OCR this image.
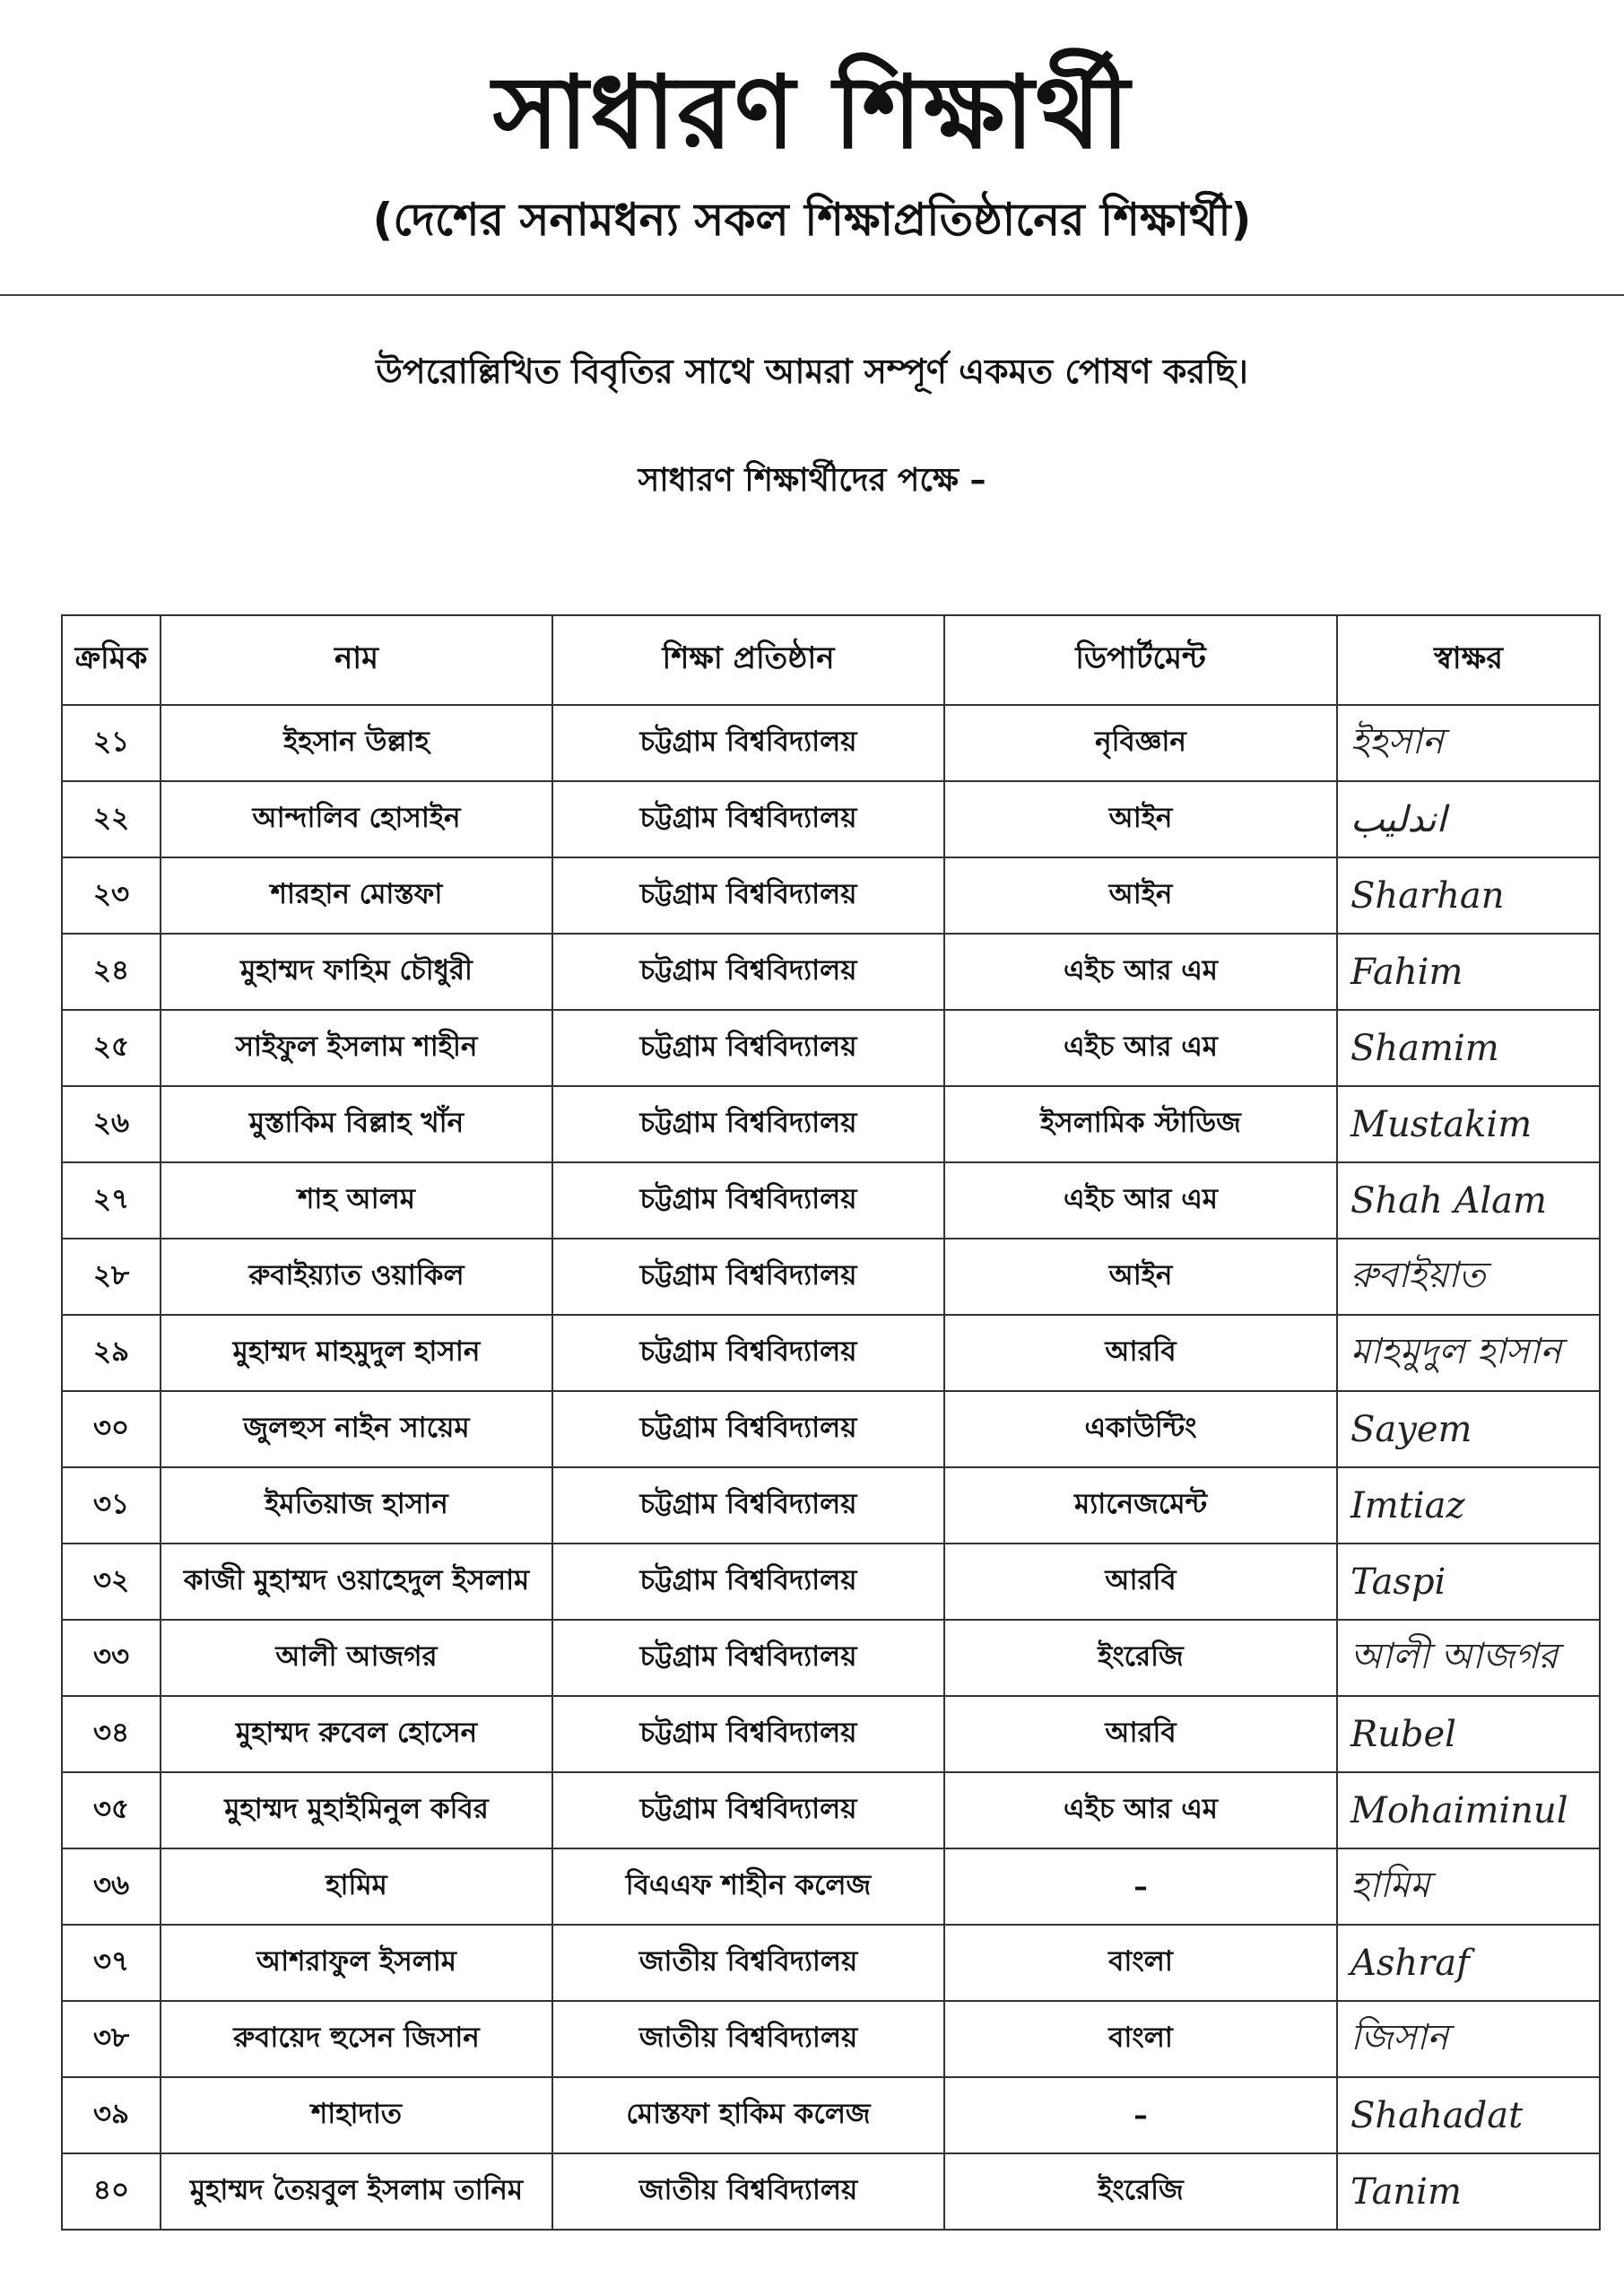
সাধারণ শিক্ষার্থী
(দেশের সনামধন্য সকল শিক্ষাপ্রতিষ্ঠানের শিক্ষার্থী)
উপরোল্লিখিত বিবৃতির সাথে আমরা সম্পূর্ণ একমত পোষণ করছি।
সাধারণ শিক্ষার্থীদের পক্ষে –
ক্রমিক	নাম	শিক্ষা প্রতিষ্ঠান	ডিপার্টমেন্ট	স্বাক্ষর
২১	ইহসান উল্লাহ	চট্টগ্রাম বিশ্ববিদ্যালয়	নৃবিজ্ঞান	ইহসান
২২	আন্দালিব হোসাইন	চট্টগ্রাম বিশ্ববিদ্যালয়	আইন	اندليب
২৩	শারহান মোস্তফা	চট্টগ্রাম বিশ্ববিদ্যালয়	আইন	Sharhan
২৪	মুহাম্মদ ফাহিম চৌধুরী	চট্টগ্রাম বিশ্ববিদ্যালয়	এইচ আর এম	Fahim
২৫	সাইফুল ইসলাম শাহীন	চট্টগ্রাম বিশ্ববিদ্যালয়	এইচ আর এম	Shamim
২৬	মুস্তাকিম বিল্লাহ খাঁন	চট্টগ্রাম বিশ্ববিদ্যালয়	ইসলামিক স্টাডিজ	Mustakim
২৭	শাহ আলম	চট্টগ্রাম বিশ্ববিদ্যালয়	এইচ আর এম	Shah Alam
২৮	রুবাইয়্যাত ওয়াকিল	চট্টগ্রাম বিশ্ববিদ্যালয়	আইন	রুবাইয়াত
২৯	মুহাম্মদ মাহমুদুল হাসান	চট্টগ্রাম বিশ্ববিদ্যালয়	আরবি	মাহমুদুল হাসান
৩০	জুলহুস নাইন সায়েম	চট্টগ্রাম বিশ্ববিদ্যালয়	একাউন্টিং	Sayem
৩১	ইমতিয়াজ হাসান	চট্টগ্রাম বিশ্ববিদ্যালয়	ম্যানেজমেন্ট	Imtiaz
৩২	কাজী মুহাম্মদ ওয়াহেদুল ইসলাম	চট্টগ্রাম বিশ্ববিদ্যালয়	আরবি	Taspi
৩৩	আলী আজগর	চট্টগ্রাম বিশ্ববিদ্যালয়	ইংরেজি	আলী আজগর
৩৪	মুহাম্মদ রুবেল হোসেন	চট্টগ্রাম বিশ্ববিদ্যালয়	আরবি	Rubel
৩৫	মুহাম্মদ মুহাইমিনুল কবির	চট্টগ্রাম বিশ্ববিদ্যালয়	এইচ আর এম	Mohaiminul
৩৬	হামিম	বিএএফ শাহীন কলেজ	–	হামিম
৩৭	আশরাফুল ইসলাম	জাতীয় বিশ্ববিদ্যালয়	বাংলা	Ashraf
৩৮	রুবায়েদ হুসেন জিসান	জাতীয় বিশ্ববিদ্যালয়	বাংলা	জিসান
৩৯	শাহাদাত	মোস্তফা হাকিম কলেজ	–	Shahadat
৪০	মুহাম্মদ তৈয়বুল ইসলাম তানিম	জাতীয় বিশ্ববিদ্যালয়	ইংরেজি	Tanim
